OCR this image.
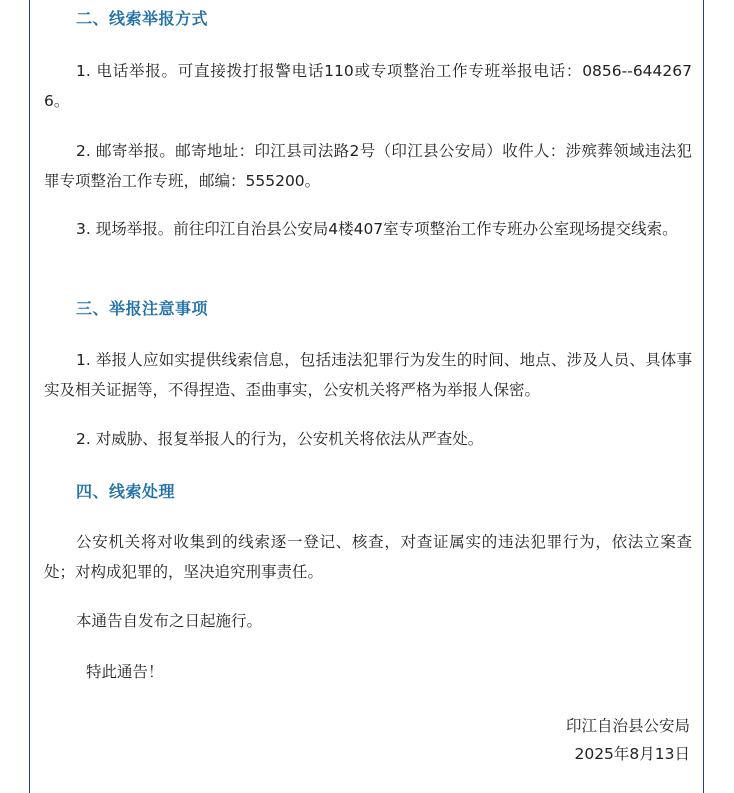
二、线索举报方式
1. 电话举报。可直接拨打报警电话110或专项整治工作专班举报电话：0856--6442676。
2. 邮寄举报。邮寄地址：印江县司法路2号（印江县公安局）收件人：涉殡葬领域违法犯罪专项整治工作专班，邮编：555200。
3. 现场举报。前往印江自治县公安局4楼407室专项整治工作专班办公室现场提交线索。
三、举报注意事项
1. 举报人应如实提供线索信息，包括违法犯罪行为发生的时间、地点、涉及人员、具体事实及相关证据等，不得捏造、歪曲事实，公安机关将严格为举报人保密。
2. 对威胁、报复举报人的行为，公安机关将依法从严查处。
四、线索处理
公安机关将对收集到的线索逐一登记、核查，对查证属实的违法犯罪行为，依法立案查处；对构成犯罪的，坚决追究刑事责任。
本通告自发布之日起施行。
特此通告！
印江自治县公安局
2025年8月13日
